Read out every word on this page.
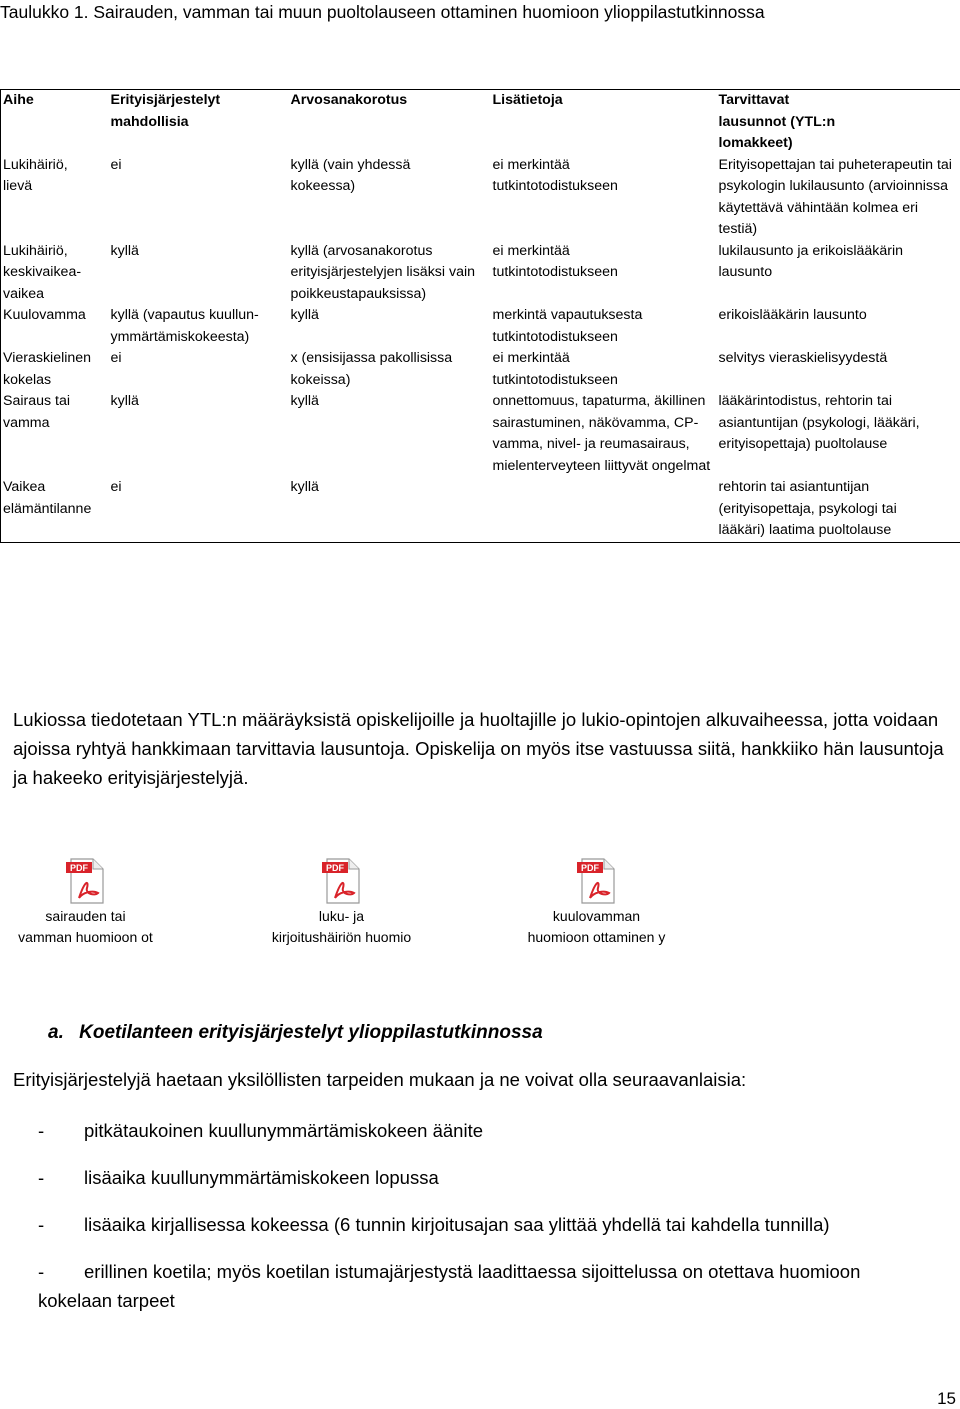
Taulukko 1. Sairauden, vamman tai muun puoltolauseen ottaminen huomioon ylioppilastutkinnossa
Aihe	Erityisjärjestelyt mahdollisia	Arvosanakorotus	Lisätietoja	Tarvittavat lausunnot (YTL:n lomakkeet)
Lukihäiriö, lievä	ei	kyllä (vain yhdessä kokeessa)	ei merkintää tutkintotodistukseen	Erityisopettajan tai puheterapeutin tai psykologin lukilausunto (arvioinnissa käytettävä vähintään kolmea eri testiä)
Lukihäiriö, keskivaikea-vaikea	kyllä	kyllä (arvosanakorotus erityisjärjestelyjen lisäksi vain poikkeustapauksissa)	ei merkintää tutkintotodistukseen	lukilausunto ja erikoislääkärin lausunto
Kuulovamma	kyllä (vapautus kuullun-ymmärtämiskokeesta)	kyllä	merkintä vapautuksesta tutkintotodistukseen	erikoislääkärin lausunto
Vieraskielinen kokelas	ei	x (ensisijassa pakollisissa kokeissa)	ei merkintää tutkintotodistukseen	selvitys vieraskielisyydestä
Sairaus tai vamma	kyllä	kyllä	onnettomuus, tapaturma, äkillinen sairastuminen, näkövamma, CP-vamma, nivel- ja reumasairaus, mielenterveyteen liittyvät ongelmat	lääkärintodistus, rehtorin tai asiantuntijan (psykologi, lääkäri, erityisopettaja) puoltolause
Vaikea elämäntilanne	ei	kyllä		rehtorin tai asiantuntijan (erityisopettaja, psykologi tai lääkäri) laatima puoltolause
Lukiossa tiedotetaan YTL:n määräyksistä opiskelijoille ja huoltajille jo lukio-opintojen alkuvaiheessa, jotta voidaan ajoissa ryhtyä hankkimaan tarvittavia lausuntoja. Opiskelija on myös itse vastuussa siitä, hankkiiko hän lausuntoja ja hakeeko erityisjärjestelyjä.
PDF
sairauden tai
vamman huomioon ot
PDF
luku- ja
kirjoitushäiriön huomio
PDF
kuulovamman
huomioon ottaminen y
a. Koetilanteen erityisjärjestelyt ylioppilastutkinnossa
Erityisjärjestelyjä haetaan yksilöllisten tarpeiden mukaan ja ne voivat olla seuraavanlaisia:
- pitkätaukoinen kuullunymmärtämiskokeen äänite
- lisäaika kuullunymmärtämiskokeen lopussa
- lisäaika kirjallisessa kokeessa (6 tunnin kirjoitusajan saa ylittää yhdellä tai kahdella tunnilla)
- erillinen koetila; myös koetilan istumajärjestystä laadittaessa sijoittelussa on otettava huomioon kokelaan tarpeet
15
